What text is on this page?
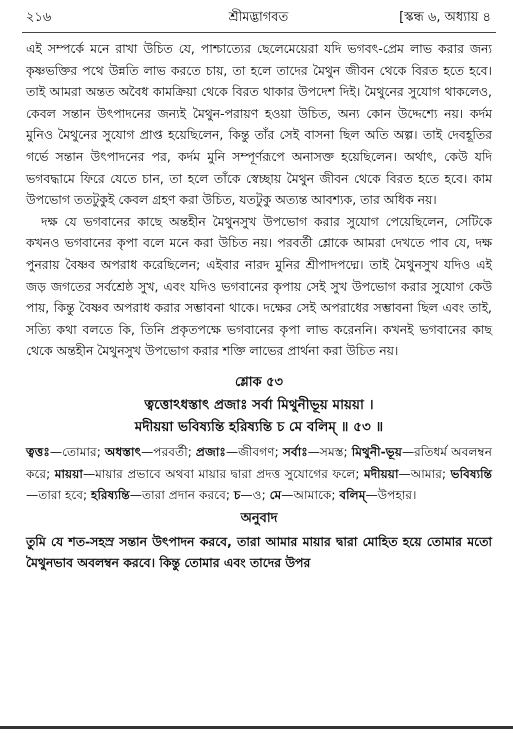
২১৬	শ্রীমদ্ভাগবত	[স্কন্ধ ৬, অধ্যায় ৪

এই সম্পর্কে মনে রাখা উচিত যে, পাশ্চাত্যের ছেলেমেয়েরা যদি ভগবৎ-প্রেম লাভ করার জন্য কৃষ্ণভক্তির পথে উন্নতি লাভ করতে চায়, তা হলে তাদের মৈথুন জীবন থেকে বিরত হতে হবে। তাই আমরা অন্তত অবৈধ কামক্রিয়া থেকে বিরত থাকার উপদেশ দিই। মৈথুনের সুযোগ থাকলেও, কেবল সন্তান উৎপাদনের জন্যই মৈথুন-পরায়ণ হওয়া উচিত, অন্য কোন উদ্দেশ্যে নয়। কর্দম মুনিও মৈথুনের সুযোগ প্রাপ্ত হয়েছিলেন, কিন্তু তাঁর সেই বাসনা ছিল অতি অল্প। তাই দেবহূতির গর্ভে সন্তান উৎপাদনের পর, কর্দম মুনি সম্পূর্ণরূপে অনাসক্ত হয়েছিলেন। অর্থাৎ, কেউ যদি ভগবদ্ধামে ফিরে যেতে চান, তা হলে তাঁকে স্বেচ্ছায় মৈথুন জীবন থেকে বিরত হতে হবে। কাম উপভোগ ততটুকুই কেবল গ্রহণ করা উচিত, যতটুকু অত্যন্ত আবশ্যক, তার অধিক নয়।

দক্ষ যে ভগবানের কাছে অন্তহীন মৈথুনসুখ উপভোগ করার সুযোগ পেয়েছিলেন, সেটিকে কখনও ভগবানের কৃপা বলে মনে করা উচিত নয়। পরবর্তী শ্লোকে আমরা দেখতে পাব যে, দক্ষ পুনরায় বৈষ্ণব অপরাধ করেছিলেন; এইবার নারদ মুনির শ্রীপাদপদ্মে। তাই মৈথুনসুখ যদিও এই জড় জগতের সর্বশ্রেষ্ঠ সুখ, এবং যদিও ভগবানের কৃপায় সেই সুখ উপভোগ করার সুযোগ কেউ পায়, কিন্তু বৈষ্ণব অপরাধ করার সম্ভাবনা থাকে। দক্ষের সেই অপরাধের সম্ভাবনা ছিল এবং তাই, সত্যি কথা বলতে কি, তিনি প্রকৃতপক্ষে ভগবানের কৃপা লাভ করেননি। কখনই ভগবানের কাছ থেকে অন্তহীন মৈথুনসুখ উপভোগ করার শক্তি লাভের প্রার্থনা করা উচিত নয়।

শ্লোক ৫৩

ত্বত্তোঽধস্তাৎ প্রজাঃ সর্বা মিথুনীভূয় মায়য়া ।

মদীয়য়া ভবিষ্যন্তি হরিষ্যন্তি চ মে বলিম্ ॥ ৫৩ ॥

ত্বত্তঃ—তোমার; অধস্তাৎ—পরবর্তী; প্রজাঃ—জীবগণ; সর্বাঃ—সমস্ত; মিথুনী-ভূয়—রতিধর্ম অবলম্বন করে; মায়য়া—মায়ার প্রভাবে অথবা মায়ার দ্বারা প্রদত্ত সুযোগের ফলে; মদীয়য়া—আমার; ভবিষ্যন্তি—তারা হবে; হরিষ্যন্তি—তারা প্রদান করবে; চ—ও; মে—আমাকে; বলিম্—উপহার।

অনুবাদ

তুমি যে শত-সহস্র সন্তান উৎপাদন করবে, তারা আমার মায়ার দ্বারা মোহিত হয়ে তোমার মতো মৈথুনভাব অবলম্বন করবে। কিন্তু তোমার এবং তাদের উপর
